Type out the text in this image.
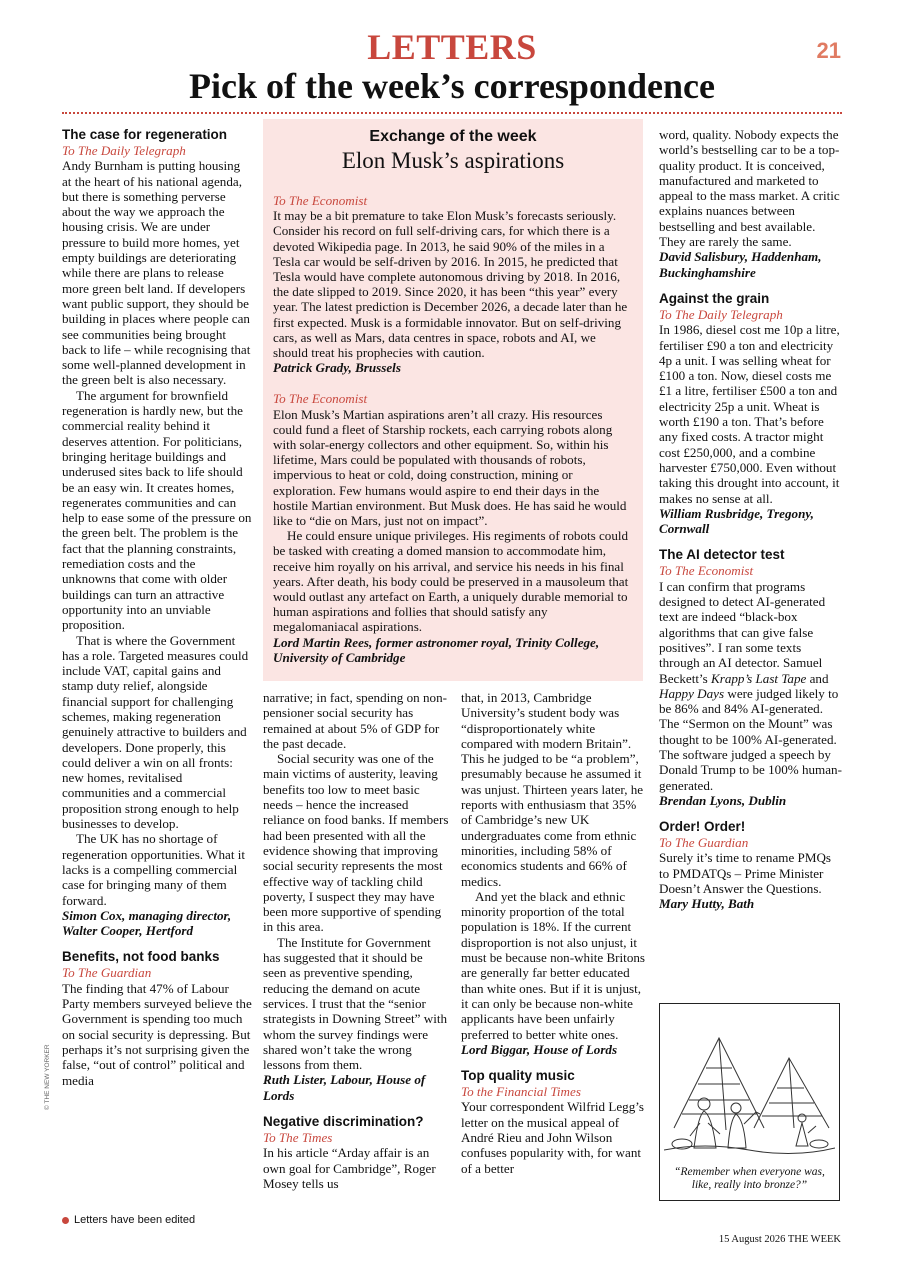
LETTERS
Pick of the week’s correspondence
21
The case for regeneration
To The Daily Telegraph

Andy Burnham is putting housing at the heart of his national agenda, but there is something perverse about the way we approach the housing crisis. We are under pressure to build more homes, yet empty buildings are deteriorating while there are plans to release more green belt land. If developers want public support, they should be building in places where people can see communities being brought back to life – while recognising that some well-planned development in the green belt is also necessary.

The argument for brownfield regeneration is hardly new, but the commercial reality behind it deserves attention. For politicians, bringing heritage buildings and underused sites back to life should be an easy win. It creates homes, regenerates communities and can help to ease some of the pressure on the green belt. The problem is the fact that the planning constraints, remediation costs and the unknowns that come with older buildings can turn an attractive opportunity into an unviable proposition.

That is where the Government has a role. Targeted measures could include VAT, capital gains and stamp duty relief, alongside financial support for challenging schemes, making regeneration genuinely attractive to builders and developers. Done properly, this could deliver a win on all fronts: new homes, revitalised communities and a commercial proposition strong enough to help businesses to develop.

The UK has no shortage of regeneration opportunities. What it lacks is a compelling commercial case for bringing many of them forward.

Simon Cox, managing director, Walter Cooper, Hertford
Benefits, not food banks
To The Guardian

The finding that 47% of Labour Party members surveyed believe the Government is spending too much on social security is depressing. But perhaps it’s not surprising given the false, “out of control” political and media

Exchange of the week
Elon Musk’s aspirations
To The Economist

It may be a bit premature to take Elon Musk’s forecasts seriously. Consider his record on full self-driving cars, for which there is a devoted Wikipedia page. In 2013, he said 90% of the miles in a Tesla car would be self-driven by 2016. In 2015, he predicted that Tesla would have complete autonomous driving by 2018. In 2016, the date slipped to 2019. Since 2020, it has been “this year” every year. The latest prediction is December 2026, a decade later than he first expected. Musk is a formidable innovator. But on self-driving cars, as well as Mars, data centres in space, robots and AI, we should treat his prophecies with caution.

Patrick Grady, Brussels
To The Economist

Elon Musk’s Martian aspirations aren’t all crazy. His resources could fund a fleet of Starship rockets, each carrying robots along with solar-energy collectors and other equipment. So, within his lifetime, Mars could be populated with thousands of robots, impervious to heat or cold, doing construction, mining or exploration. Few humans would aspire to end their days in the hostile Martian environment. But Musk does. He has said he would like to “die on Mars, just not on impact”.

He could ensure unique privileges. His regiments of robots could be tasked with creating a domed mansion to accommodate him, receive him royally on his arrival, and service his needs in his final years. After death, his body could be preserved in a mausoleum that would outlast any artefact on Earth, a uniquely durable memorial to human aspirations and follies that should satisfy any megalomaniacal aspirations.

Lord Martin Rees, former astronomer royal, Trinity College, University of Cambridge

narrative; in fact, spending on non-pensioner social security has remained at about 5% of GDP for the past decade.

Social security was one of the main victims of austerity, leaving benefits too low to meet basic needs – hence the increased reliance on food banks. If members had been presented with all the evidence showing that improving social security represents the most effective way of tackling child poverty, I suspect they may have been more supportive of spending in this area.

The Institute for Government has suggested that it should be seen as preventive spending, reducing the demand on acute services. I trust that the “senior strategists in Downing Street” with whom the survey findings were shared won’t take the wrong lessons from them.

Ruth Lister, Labour, House of Lords
Negative discrimination?
To The Times

In his article “Arday affair is an own goal for Cambridge”, Roger Mosey tells us

that, in 2013, Cambridge University’s student body was “disproportionately white compared with modern Britain”. This he judged to be “a problem”, presumably because he assumed it was unjust. Thirteen years later, he reports with enthusiasm that 35% of Cambridge’s new UK undergraduates come from ethnic minorities, including 58% of economics students and 66% of medics.

And yet the black and ethnic minority proportion of the total population is 18%. If the current disproportion is not also unjust, it must be because non-white Britons are generally far better educated than white ones. But if it is unjust, it can only be because non-white applicants have been unfairly preferred to better white ones.

Lord Biggar, House of Lords
Top quality music
To the Financial Times

Your correspondent Wilfrid Legg’s letter on the musical appeal of André Rieu and John Wilson confuses popularity with, for want of a better

word, quality. Nobody expects the world’s bestselling car to be a top-quality product. It is conceived, manufactured and marketed to appeal to the mass market. A critic explains nuances between bestselling and best available. They are rarely the same.

David Salisbury, Haddenham, Buckinghamshire
Against the grain
To The Daily Telegraph

In 1986, diesel cost me 10p a litre, fertiliser £90 a ton and electricity 4p a unit. I was selling wheat for £100 a ton. Now, diesel costs me £1 a litre, fertiliser £500 a ton and electricity 25p a unit. Wheat is worth £190 a ton. That’s before any fixed costs. A tractor might cost £250,000, and a combine harvester £750,000. Even without taking this drought into account, it makes no sense at all.

William Rusbridge, Tregony, Cornwall
The AI detector test
To The Economist

I can confirm that programs designed to detect AI-generated text are indeed “black-box algorithms that can give false positives”. I ran some texts through an AI detector. Samuel Beckett’s Krapp’s Last Tape and Happy Days were judged likely to be 86% and 84% AI-generated. The “Sermon on the Mount” was thought to be 100% AI-generated. The software judged a speech by Donald Trump to be 100% human-generated.

Brendan Lyons, Dublin
Order! Order!
To The Guardian

Surely it’s time to rename PMQs to PMDATQs – Prime Minister Doesn’t Answer the Questions.

Mary Hutty, Bath
“Remember when everyone was, like, really into bronze?”
© THE NEW YORKER
Letters have been edited
15 August 2026 THE WEEK
